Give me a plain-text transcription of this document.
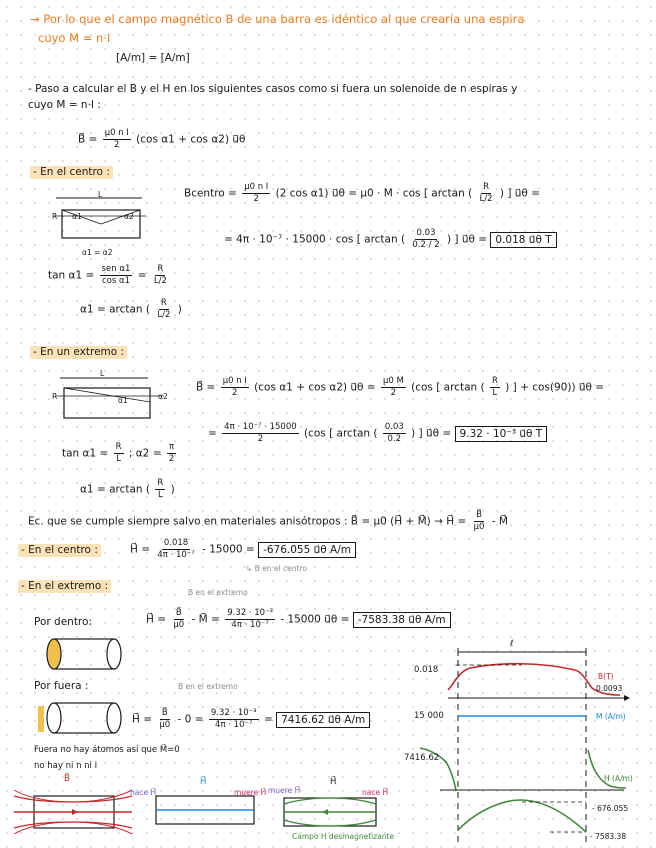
→ Por lo que el campo magnético B de una barra es idéntico al que crearía una espira
cuyo M = n·I
[A/m] = [A/m]
- Paso a calcular el B y el H en los siguientes casos como si fuera un solenoide de n espiras y
cuyo M = n·I :
B⃗ = $\frac{\text{μ0 n I}}{2} (\cos$ α1 + cos α2) u⃗θ
- En el centro :
L
R α1	α2
α1 = α2
Bcentro = $\frac{\text{μ0 n I}}{2} (2$ cos α1) u⃗θ = μ0 · M · cos [ arctan ( $\frac{R}{L/2}$ ) ] u⃗θ =
= 4π · 10⁻⁷ · 15000 · cos [ arctan ( $\frac{0.03}{0.2 / 2}$ ) ] u⃗θ = 0.018 u⃗θ T
$\tan \alpha 1 = \frac{\text{sen α1}}{\text{cos α1}} = \frac{R}{L/2}$
α1 = arctan ( $\frac{R}{L/2}$ )
- En un extremo :
L
R	α1	α2
B⃗ = $\frac{\text{μ0 n I}}{2} (\cos$ α1 + cos α2) u⃗θ = $\frac{\mu 0 M}{2} (\cos$ [ arctan ( $\frac{R}{L}$ ) ] + cos(90)) u⃗θ =
= $\frac{\text{4π · 10⁻⁷ · 15000}}{2} (\cos$ [ arctan ( $\frac{0.03}{0.2}$ ) ] u⃗θ = 9.32 · 10⁻³ u⃗θ T
$\tan \alpha 1 = \frac{R}{L}$ ; $\alpha 2 = \frac{\pi}{2}$
α1 = arctan ( $\frac{R}{L}$ )
Ec. que se cumple siempre salvo en materiales anisótropos : B⃗ = μ0 (H⃗ + M⃗) → H⃗ = $\frac{B⃗}{\mu 0}$ - M⃗
- En el centro :	H⃗ = $\frac{0.018}{\text{4π · 10⁻⁷}} - 15000 = -676.055$ u⃗θ A/m
↳ B en el centro
- En el extremo :
B en el extremo
Por dentro:	H⃗ = $\frac{B⃗}{\mu 0}$ - M⃗ = $\frac{\text{9.32 · 10⁻³}}{\text{4π · 10⁻⁷}} - 15000$ u⃗θ = -7583.38 u⃗θ A/m
Por fuera :	B en el extremo
H⃗ = $\frac{B⃗}{\mu 0} - 0 = \frac{\text{9.32 · 10⁻³}}{\text{4π · 10⁻⁷}} = 7416.62$ u⃗θ A/m
Fuera no hay átomos así que M⃗=0
no hay ni n ni I
ℓ
0.018
B(T)
0.0093
15 000	M (A/m)
7416.62
H (A/m)
- 676.055
- 7583.38
B⃗	H⃗
nace H⃗	muere H⃗
H⃗
muere H⃗	nace H⃗
Campo H desmagnetizante
